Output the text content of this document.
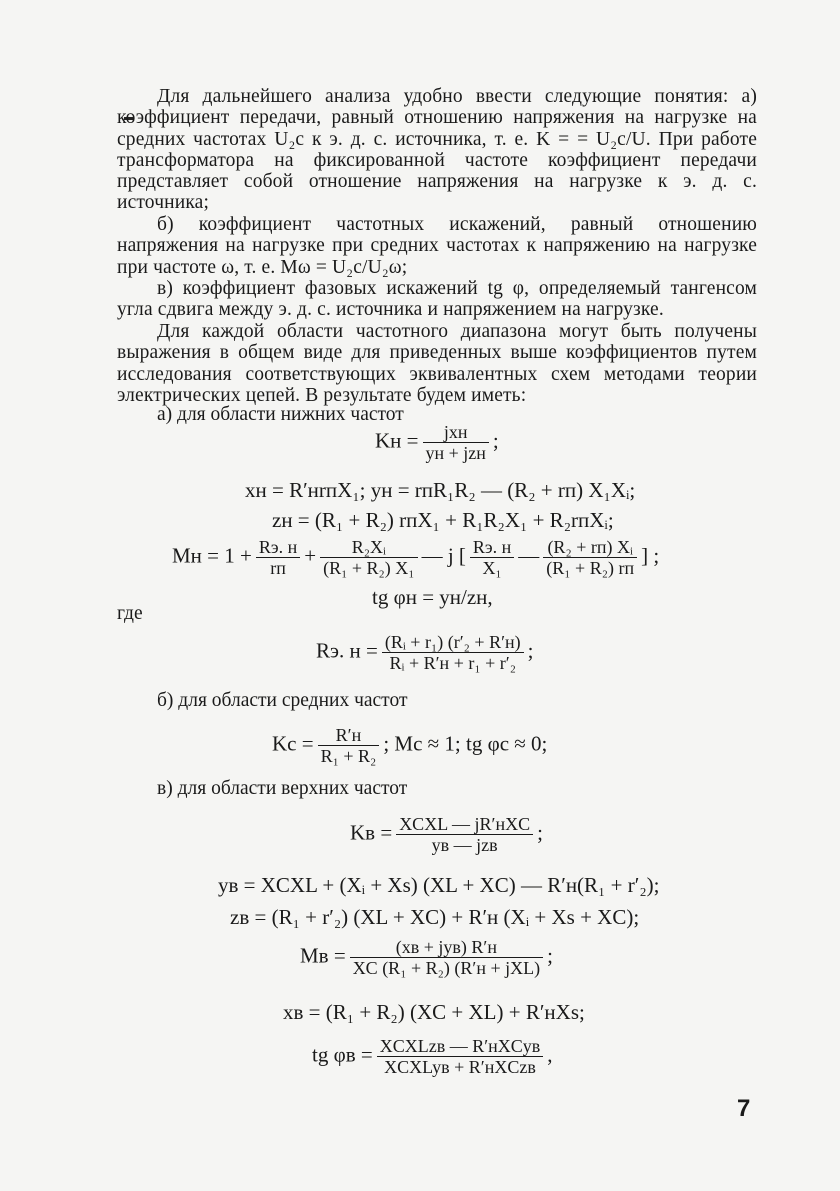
Для дальнейшего анализа удобно ввести следующие понятия: а) коэффициент передачи, равный отношению напряжения на нагрузке на средних частотах U₂с к э. д. с. источника, т. е. K = = U₂с/U. При работе трансформатора на фиксированной частоте коэффициент передачи представляет собой отношение напряжения на нагрузке к э. д. с. источника;
б) коэффициент частотных искажений, равный отношению напряжения на нагрузке при средних частотах к напряжению на нагрузке при частоте ω, т. е. Mω = U₂с/U₂ω;
в) коэффициент фазовых искажений tg φ, определяемый тангенсом угла сдвига между э. д. с. источника и напряжением на нагрузке.
Для каждой области частотного диапазона могут быть получены выражения в общем виде для приведенных выше коэффициентов путем исследования соответствующих эквивалентных схем методами теории электрических цепей. В результате будем иметь:
а) для области нижних частот
Kн = $\frac{\text{jxн}}{\text{yн + jzн}}$ ;
xн = R′нrпX₁; yн = rпR₁R₂ — (R₂ + rп) X₁Xᵢ;
zн = (R₁ + R₂) rпX₁ + R₁R₂X₁ + R₂rпXᵢ;
Mн = $1 + \frac{Rэ. н}{rп} + \frac{\text{R₂Xᵢ}}{\text{(R₁ + R₂) X₁}}$ — j [ $\frac{Rэ. н}{\text{X₁}}$ — $\frac{\text{(R₂ + rп) Xᵢ}}{\text{(R₁ + R₂) rп}}$ ] ;
tg φн = yн/zн,
где
Rэ. $н = \frac{\text{(Rᵢ + r₁) (r′₂ + R′н)}}{\text{Rᵢ + R′н + r₁ + r′₂}}$ ;
б) для области средних частот
Kс = $\frac{R'н}{\text{R₁ + R₂}}$ ; Mс ≈ 1; tg φс ≈ 0;
в) для области верхних частот
Kв = $\frac{\text{XCXL — jR′нXC}}{\text{yв — jzв}}$ ;
yв = XCXL + (Xᵢ + Xs) (XL + XC) — R′н(R₁ + r′₂);
zв = (R₁ + r′₂) (XL + XC) + R′н (Xᵢ + Xs + XC);
Mв = $\frac{\text{(xв + jyв) R′н}}{\text{XC (R₁ + R₂) (R′н + jXL)}}$ ;
xв = (R₁ + R₂) (XC + XL) + R′нXs;
tg $\varphi в = \frac{\text{XCXLzв — R′нXCyв}}{\text{XCXLyв + R′нXCzв}}$ ,
7
